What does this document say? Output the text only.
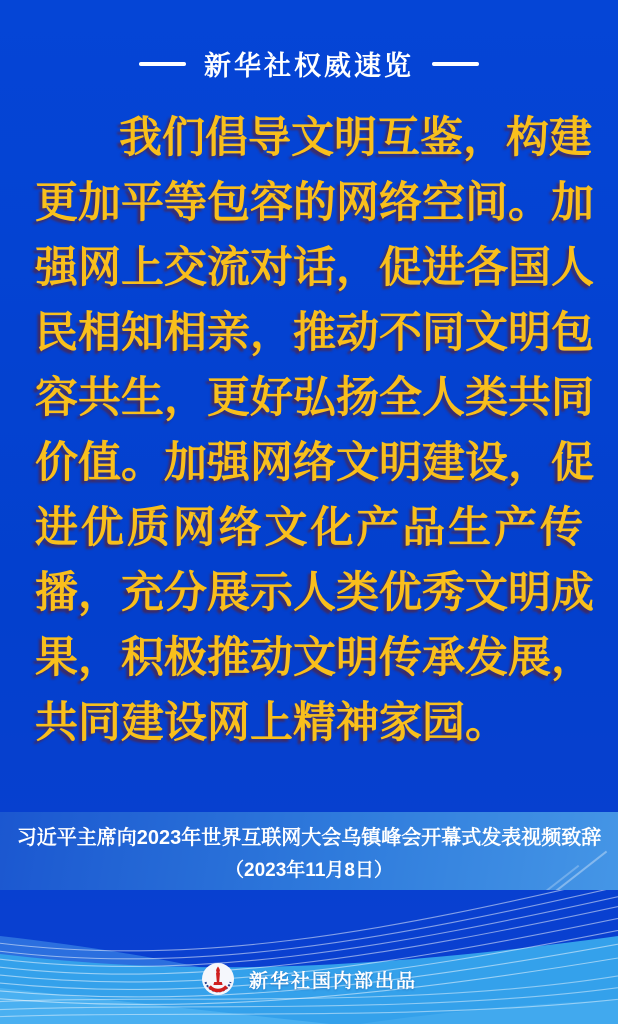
新华社权威速览
我们倡导文明互鉴，构建
更加平等包容的网络空间。加
强网上交流对话，促进各国人
民相知相亲，推动不同文明包
容共生，更好弘扬全人类共同
价值。加强网络文明建设，促
进优质网络文化产品生产传
播，充分展示人类优秀文明成
果，积极推动文明传承发展，
共同建设网上精神家园。
习近平主席向2023年世界互联网大会乌镇峰会开幕式发表视频致辞
（2023年11月8日）
新华社国内部出品
